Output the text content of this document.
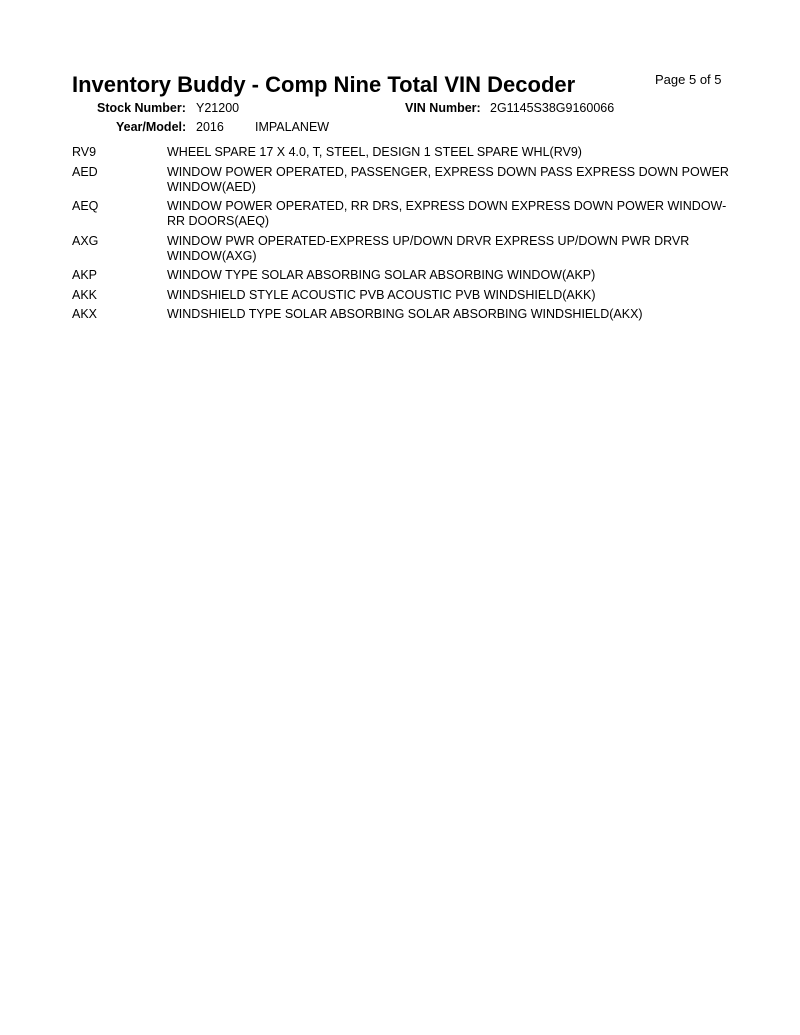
Inventory Buddy - Comp Nine Total VIN Decoder	Page 5 of 5
Stock Number: Y21200	VIN Number: 2G1145S38G9160066
Year/Model: 2016 IMPALANEW
RV9	WHEEL SPARE 17 X 4.0, T, STEEL, DESIGN 1 STEEL SPARE WHL(RV9)
AED	WINDOW POWER OPERATED, PASSENGER, EXPRESS DOWN PASS EXPRESS DOWN POWER WINDOW(AED)
AEQ	WINDOW POWER OPERATED, RR DRS, EXPRESS DOWN EXPRESS DOWN POWER WINDOW-RR DOORS(AEQ)
AXG	WINDOW PWR OPERATED-EXPRESS UP/DOWN DRVR EXPRESS UP/DOWN PWR DRVR WINDOW(AXG)
AKP	WINDOW TYPE SOLAR ABSORBING SOLAR ABSORBING WINDOW(AKP)
AKK	WINDSHIELD STYLE ACOUSTIC PVB ACOUSTIC PVB WINDSHIELD(AKK)
AKX	WINDSHIELD TYPE SOLAR ABSORBING SOLAR ABSORBING WINDSHIELD(AKX)
